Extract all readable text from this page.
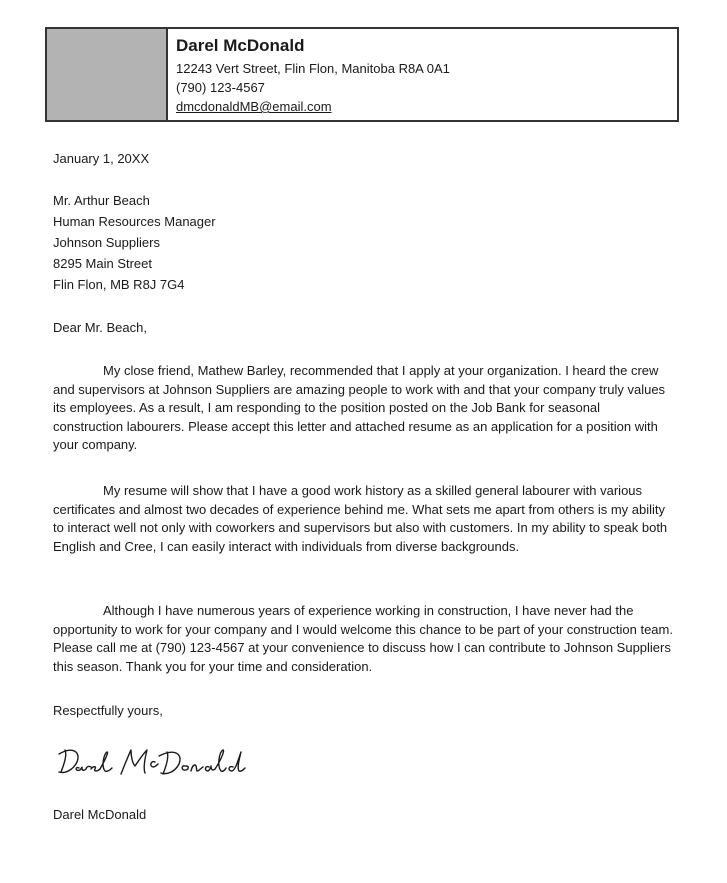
Darel McDonald
12243 Vert Street, Flin Flon, Manitoba R8A 0A1
(790) 123-4567
dmcdonaldMB@email.com
January 1, 20XX
Mr. Arthur Beach
Human Resources Manager
Johnson Suppliers
8295 Main Street
Flin Flon, MB R8J 7G4
Dear Mr. Beach,

My close friend, Mathew Barley, recommended that I apply at your organization. I heard the crew and supervisors at Johnson Suppliers are amazing people to work with and that your company truly values its employees. As a result, I am responding to the position posted on the Job Bank for seasonal construction labourers. Please accept this letter and attached resume as an application for a position with your company.

My resume will show that I have a good work history as a skilled general labourer with various certificates and almost two decades of experience behind me. What sets me apart from others is my ability to interact well not only with coworkers and supervisors but also with customers. In my ability to speak both English and Cree, I can easily interact with individuals from diverse backgrounds.

Although I have numerous years of experience working in construction, I have never had the opportunity to work for your company and I would welcome this chance to be part of your construction team. Please call me at (790) 123-4567 at your convenience to discuss how I can contribute to Johnson Suppliers this season. Thank you for your time and consideration.

Respectfully yours,
Darel McDonald
